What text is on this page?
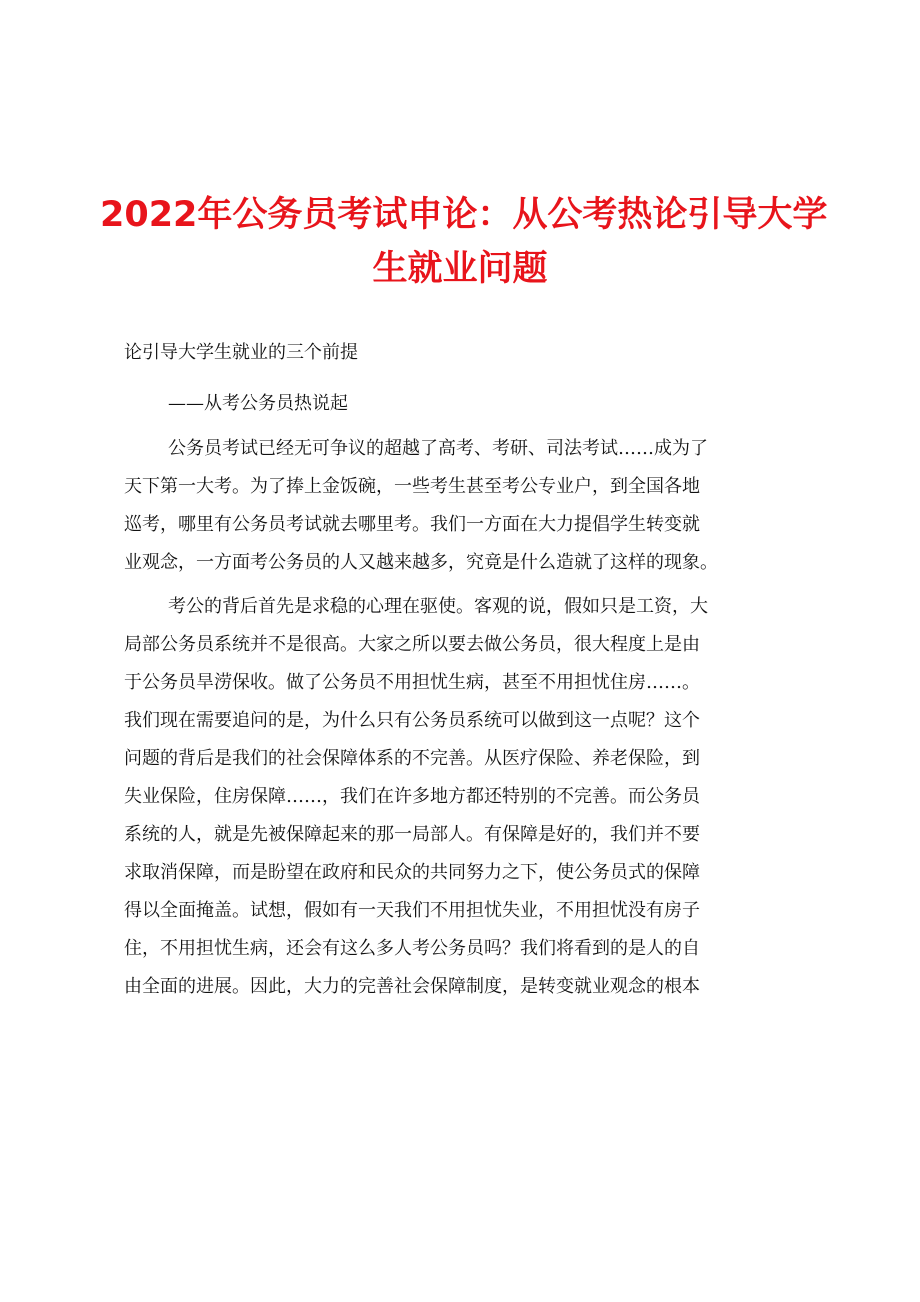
2022年公务员考试申论：从公考热论引导大学
生就业问题
论引导大学生就业的三个前提
——从考公务员热说起
公务员考试已经无可争议的超越了高考、考研、司法考试……成为了
天下第一大考。为了捧上金饭碗，一些考生甚至考公专业户，到全国各地
巡考，哪里有公务员考试就去哪里考。我们一方面在大力提倡学生转变就
业观念，一方面考公务员的人又越来越多，究竟是什么造就了这样的现象。
考公的背后首先是求稳的心理在驱使。客观的说，假如只是工资，大
局部公务员系统并不是很高。大家之所以要去做公务员，很大程度上是由
于公务员旱涝保收。做了公务员不用担忧生病，甚至不用担忧住房……。
我们现在需要追问的是，为什么只有公务员系统可以做到这一点呢？这个
问题的背后是我们的社会保障体系的不完善。从医疗保险、养老保险，到
失业保险，住房保障……，我们在许多地方都还特别的不完善。而公务员
系统的人，就是先被保障起来的那一局部人。有保障是好的，我们并不要
求取消保障，而是盼望在政府和民众的共同努力之下，使公务员式的保障
得以全面掩盖。试想，假如有一天我们不用担忧失业，不用担忧没有房子
住，不用担忧生病，还会有这么多人考公务员吗？我们将看到的是人的自
由全面的进展。因此，大力的完善社会保障制度，是转变就业观念的根本
